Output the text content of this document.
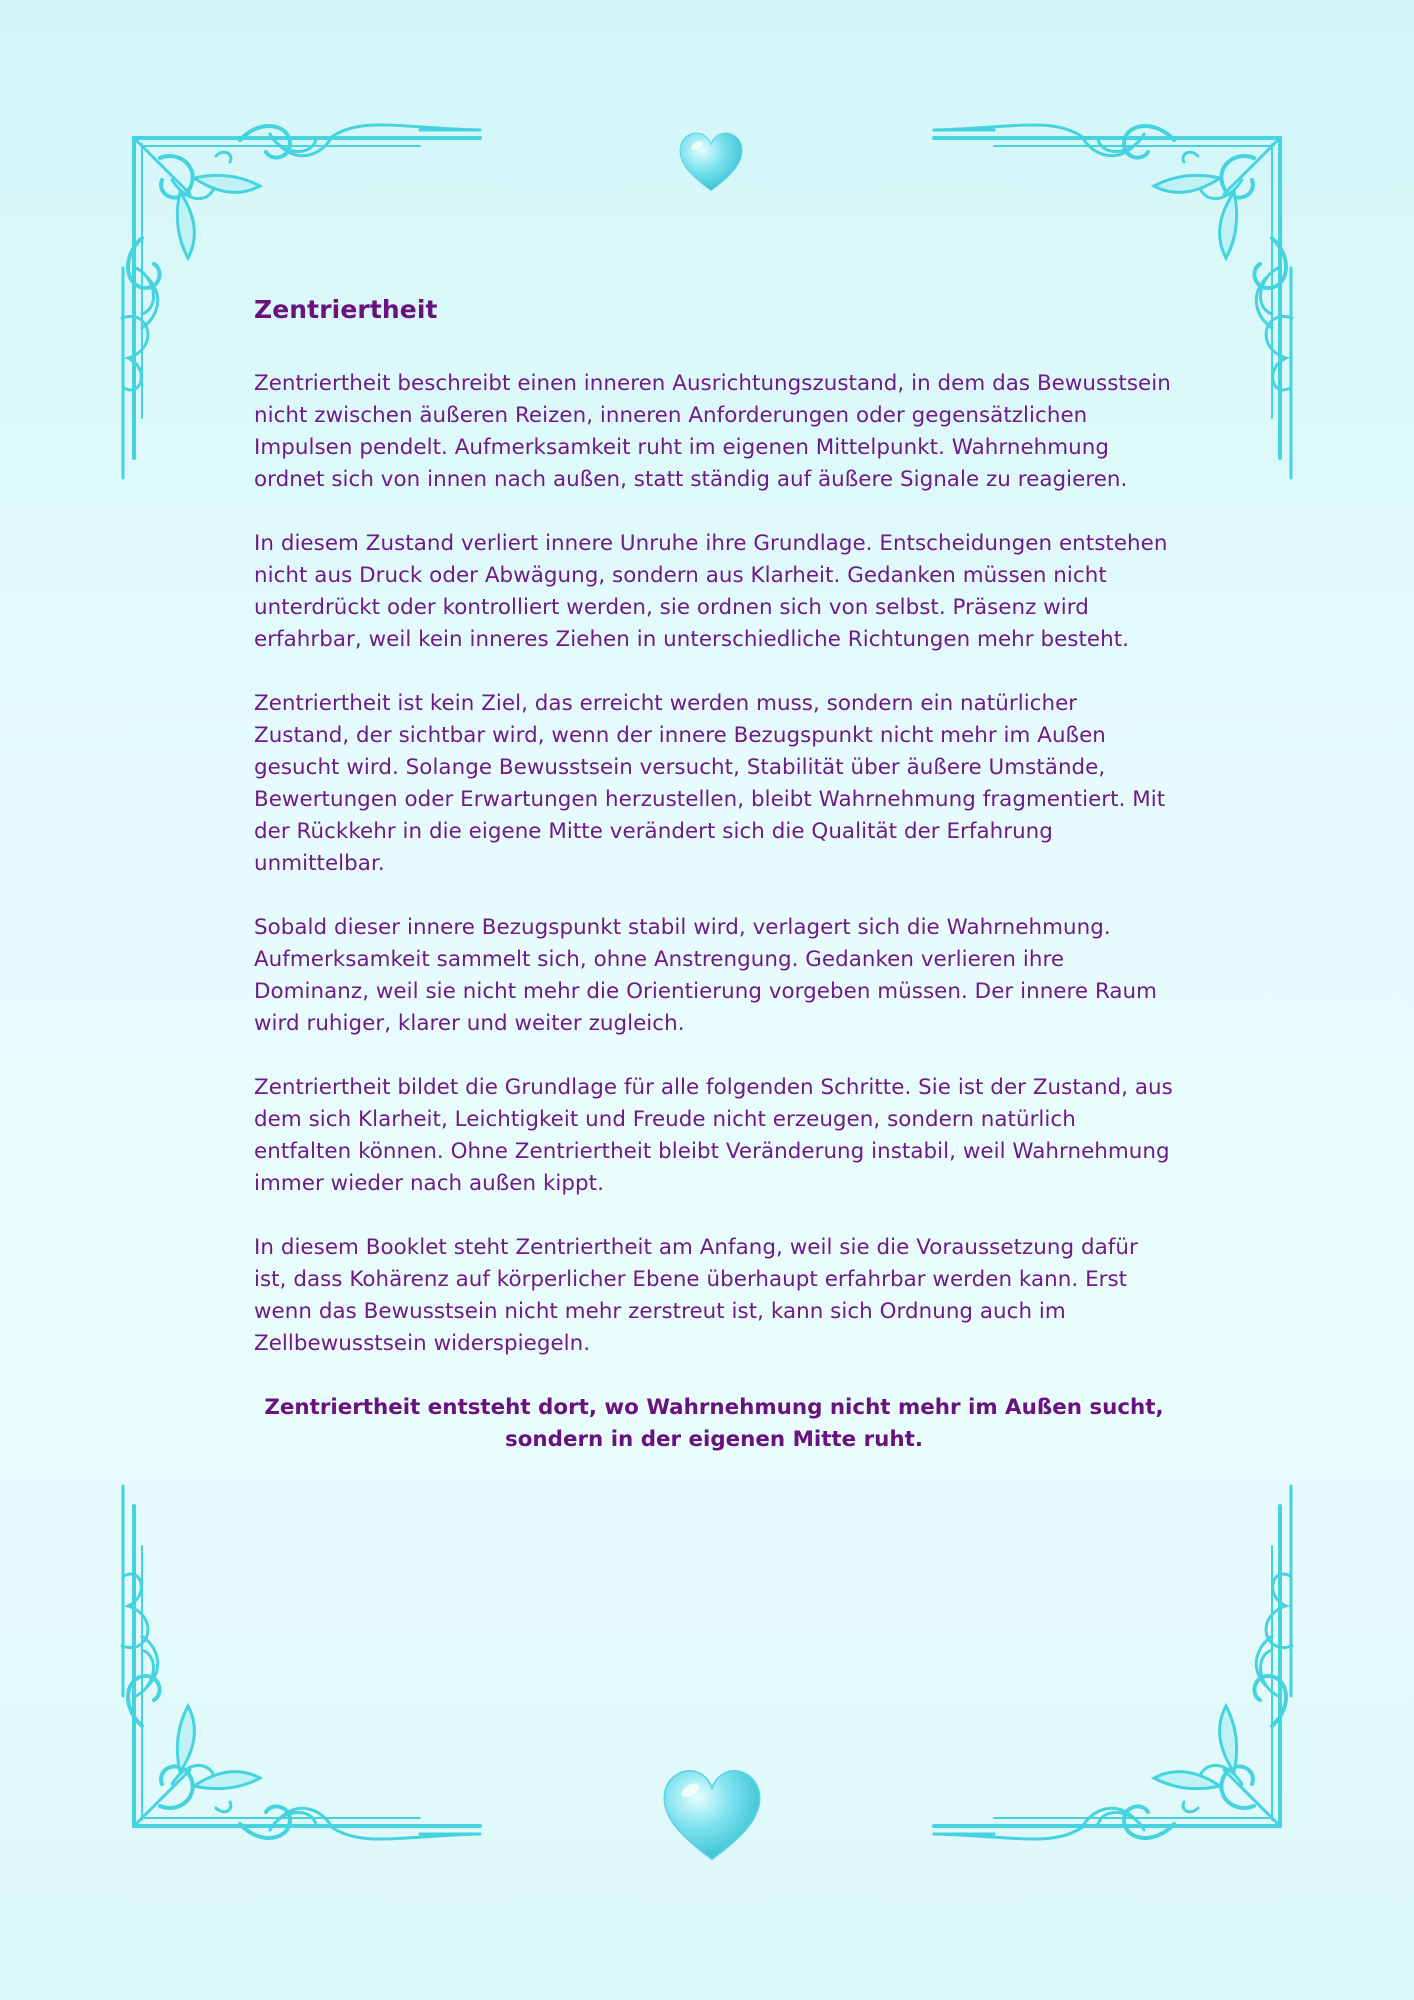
Zentriertheit

Zentriertheit beschreibt einen inneren Ausrichtungszustand, in dem das Bewusstsein nicht zwischen äußeren Reizen, inneren Anforderungen oder gegensätzlichen Impulsen pendelt. Aufmerksamkeit ruht im eigenen Mittelpunkt. Wahrnehmung ordnet sich von innen nach außen, statt ständig auf äußere Signale zu reagieren.

In diesem Zustand verliert innere Unruhe ihre Grundlage. Entscheidungen entstehen nicht aus Druck oder Abwägung, sondern aus Klarheit. Gedanken müssen nicht unterdrückt oder kontrolliert werden, sie ordnen sich von selbst. Präsenz wird erfahrbar, weil kein inneres Ziehen in unterschiedliche Richtungen mehr besteht.

Zentriertheit ist kein Ziel, das erreicht werden muss, sondern ein natürlicher Zustand, der sichtbar wird, wenn der innere Bezugspunkt nicht mehr im Außen gesucht wird. Solange Bewusstsein versucht, Stabilität über äußere Umstände, Bewertungen oder Erwartungen herzustellen, bleibt Wahrnehmung fragmentiert. Mit der Rückkehr in die eigene Mitte verändert sich die Qualität der Erfahrung unmittelbar.

Sobald dieser innere Bezugspunkt stabil wird, verlagert sich die Wahrnehmung. Aufmerksamkeit sammelt sich, ohne Anstrengung. Gedanken verlieren ihre Dominanz, weil sie nicht mehr die Orientierung vorgeben müssen. Der innere Raum wird ruhiger, klarer und weiter zugleich.

Zentriertheit bildet die Grundlage für alle folgenden Schritte. Sie ist der Zustand, aus dem sich Klarheit, Leichtigkeit und Freude nicht erzeugen, sondern natürlich entfalten können. Ohne Zentriertheit bleibt Veränderung instabil, weil Wahrnehmung immer wieder nach außen kippt.

In diesem Booklet steht Zentriertheit am Anfang, weil sie die Voraussetzung dafür ist, dass Kohärenz auf körperlicher Ebene überhaupt erfahrbar werden kann. Erst wenn das Bewusstsein nicht mehr zerstreut ist, kann sich Ordnung auch im Zellbewusstsein widerspiegeln.

Zentriertheit entsteht dort, wo Wahrnehmung nicht mehr im Außen sucht,
sondern in der eigenen Mitte ruht.
